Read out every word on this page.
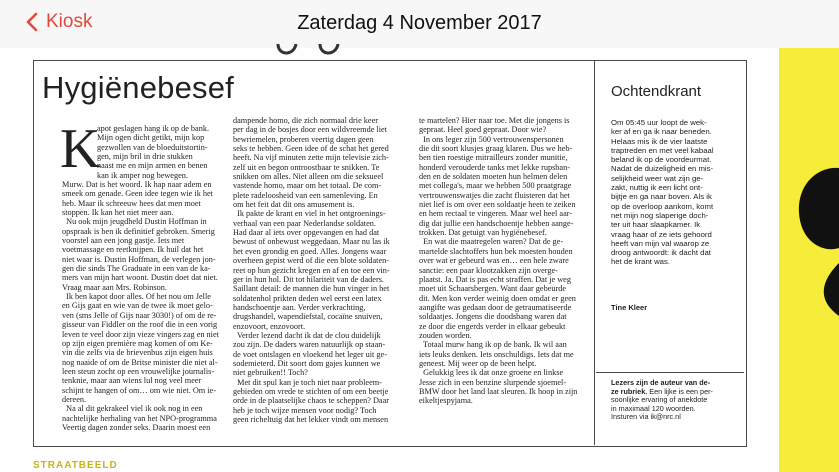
Kiosk	Zaterdag 4 November 2017
Hygiënebesef
K
apot geslagen hang ik op de bank.
Mijn ogen dicht getikt, mijn kop
gezwollen van de bloeduitstortin-
gen, mijn bril in drie stukken
naast me en mijn armen en benen
kan ik amper nog bewegen.
Murw. Dat is het woord. Ik hap naar adem en
smeek om genade. Geen idee tegen wie ik het
heb. Maar ik schreeuw hees dat men moet
stoppen. Ik kan het niet meer aan.
Nu ook mijn jeugdheld Dustin Hoffman in
opspraak is ben ik definitief gebroken. Smerig
voorstel aan een jong gastje. Iets met
voetmassage en reetknijpen. Ik huil dat het
niet waar is. Dustin Hoffman, de verlegen jon-
gen die sinds The Graduate in een van de ka-
mers van mijn hart woont. Dustin doet dat niet.
Vraag maar aan Mrs. Robinson.
Ik ben kapot door alles. Of het nou om Jelle
en Gijs gaat en wie van de twee ik moet gelo-
ven (sms Jelle of Gijs naar 3030!) of om de re-
gisseur van Fiddler on the roof die in een vorig
leven te veel door zijn vieze vingers zag en niet
op zijn eigen première mag komen of om Ke-
vin die zelfs via de brievenbus zijn eigen huis
nog naaide of om de Britse minister die niet al-
leen steun zocht op een vrouwelijke journalis-
tenknie, maar aan wiens lul nog veel meer
schijnt te hangen of om… om wie niet. Om ie-
dereen.
Na al dit gekrakeel viel ik ook nog in een
nachtelijke herhaling van het NPO-programma
Veertig dagen zonder seks. Daarin moest een
dampende homo, die zich normaal drie keer
per dag in de bosjes door een wildvreemde liet
bewriemelen, proberen veertig dagen geen
seks te hebben. Geen idee of de schat het gered
heeft. Na vijf minuten zette mijn televisie zich-
zelf uit en begon ontroostbaar te snikken. Te
snikken om alles. Niet alleen om die seksueel
vastende homo, maar om het totaal. De com-
plete radeloosheid van een samenleving. En
om het feit dat dit ons amusement is.
Ik pakte de krant en viel in het ontgroenings-
verhaal van een paar Nederlandse soldaten.
Had daar al iets over opgevangen en had dat
bewust of onbewust weggedaan. Maar nu las ik
het even grondig en goed. Alles. Jongens waar
overheen gepist werd of die een blote soldaten-
reet op hun gezicht kregen en af en toe een vin-
ger in hun hol. Dit tot hilariteit van de daders.
Saillant detail: de mannen die hun vinger in het
soldatenhol prikten deden wel eerst een latex
handschoentje aan. Verder verkrachting,
drugshandel, wapendiefstal, cocaïne snuiven,
enzovoort, enzovoort.
Verder lezend dacht ik dat de clou duidelijk
zou zijn. De daders waren natuurlijk op staan-
de voet ontslagen en vloekend het leger uit ge-
sodemieterd. Dit soort dom gajes kunnen we
niet gebruiken!! Toch?
Met dit spul kan je toch niet naar probleem-
gebieden om vrede te stichten of om een beetje
orde in de plaatselijke chaos te scheppen? Daar
heb je toch wijze mensen voor nodig? Toch
geen richeltuig dat het lekker vindt om mensen
te martelen? Hier naar toe. Met die jongens is
gepraat. Heel goed gepraat. Door wie?
In ons leger zijn 500 vertrouwenspersonen
die dit soort klusjes graag klaren. Dus we heb-
ben tien roestige mitrailleurs zonder munitie,
honderd verouderde tanks met lekke rupsban-
den en de soldaten moeten hun helmen delen
met collega's, maar we hebben 500 praatgrage
vertrouwenswatjes die zacht fluisteren dat het
niet lief is om over een soldaatje heen te zeiken
en hem rectaal te vingeren. Maar wel heel aar-
dig dat jullie een handschoentje hebben aange-
trokken. Dat getuigt van hygiënebesef.
En wat die maatregelen waren? Dat de ge-
martelde slachtoffers hun bek moesten houden
over wat er gebeurd was en… een hele zware
sanctie: een paar klootzakken zijn overge-
plaatst. Ja. Dat is pas echt straffen. Dat je weg
moet uit Schaarsbergen. Want daar gebeurde
dit. Men kon verder weinig doen omdat er geen
aangifte was gedaan door de getraumatiseerde
soldaatjes. Jongens die doodsbang waren dat
ze door die engerds verder in elkaar gebeukt
zouden worden.
Totaal murw hang ik op de bank. Ik wil aan
iets leuks denken. Iets onschuldigs. Iets dat me
geneest. Mij weer op de been helpt.
Gelukkig lees ik dat onze groene en linkse
Jesse zich in een benzine slurpende sjoemel-
BMW door het land laat sleuren. Ik hoop in zijn
eikeltjespyjama.
Ochtendkrant
Om 05:45 uur loopt de wek-
ker af en ga ik naar beneden.
Helaas mis ik de vier laatste
traptreden en met veel kabaal
beland ik op de voordeurmat.
Nadat de duizeligheid en mis-
selijkheid weer wat zijn ge-
zakt, nuttig ik een licht ont-
bijtje en ga naar boven. Als ik
op de overloop aankom, komt
net mijn nog slaperige doch-
ter uit haar slaapkamer. Ik
vraag haar of ze iets gehoord
heeft van mijn val waarop ze
droog antwoordt: ik dacht dat
het de krant was.
Tine Kleer
Lezers zijn de auteur van de-
ze rubriek. Een lijke is een per-
soonlijke ervaring of anekdote
in maximaal 120 woorden.
Insturen via ik@nrc.nl
STRAATBEELD
